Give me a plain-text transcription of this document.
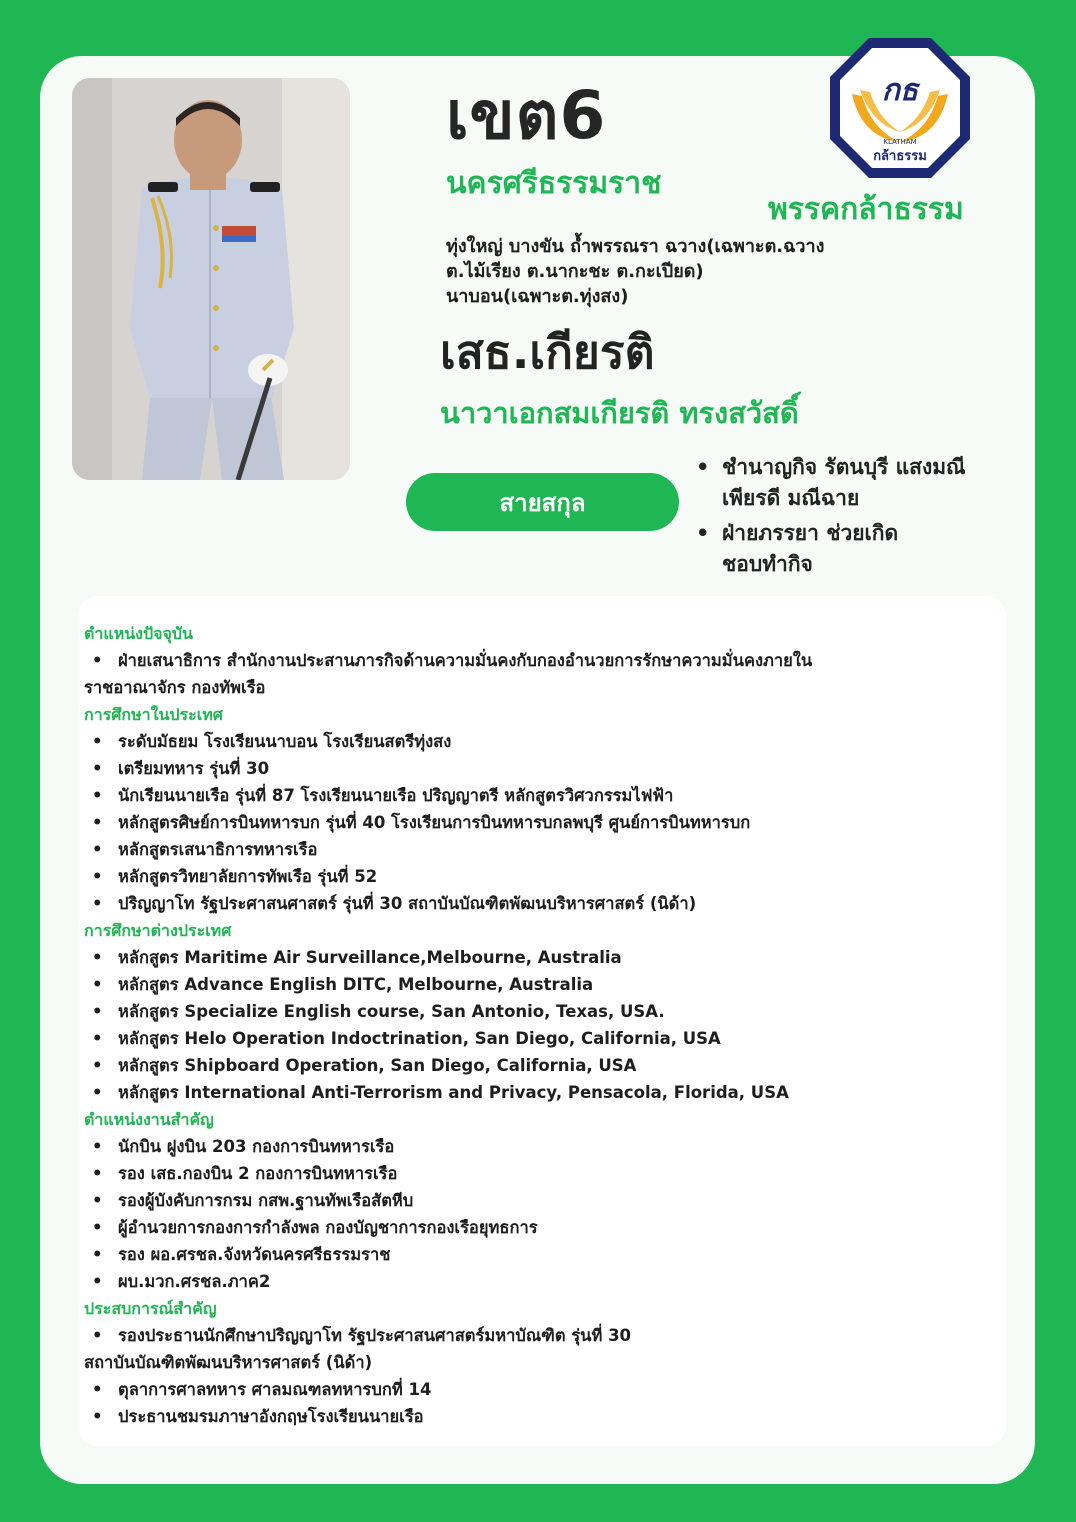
กธ
KLATHAM
กล้าธรรม
เขต6
นครศรีธรรมราช
พรรคกล้าธรรม
ทุ่งใหญ่ บางขัน ถ้ำพรรณรา ฉวาง(เฉพาะต.ฉวาง
ต.ไม้เรียง ต.นากะชะ ต.กะเปียด)
นาบอน(เฉพาะต.ทุ่งสง)
เสธ.เกียรติ
นาวาเอกสมเกียรติ ทรงสวัสดิ์
สายสกุล
• ชำนาญกิจ รัตนบุรี แสงมณี
เพียรดี มณีฉาย
• ฝ่ายภรรยา ช่วยเกิด
ชอบทำกิจ
ตำแหน่งปัจจุบัน
• ฝ่ายเสนาธิการ สำนักงานประสานภารกิจด้านความมั่นคงกับกองอำนวยการรักษาความมั่นคงภายใน
ราชอาณาจักร กองทัพเรือ
การศึกษาในประเทศ
• ระดับมัธยม โรงเรียนนาบอน โรงเรียนสตรีทุ่งสง
• เตรียมทหาร รุ่นที่ 30
• นักเรียนนายเรือ รุ่นที่ 87 โรงเรียนนายเรือ ปริญญาตรี หลักสูตรวิศวกรรมไฟฟ้า
• หลักสูตรศิษย์การบินทหารบก รุ่นที่ 40 โรงเรียนการบินทหารบกลพบุรี ศูนย์การบินทหารบก
• หลักสูตรเสนาธิการทหารเรือ
• หลักสูตรวิทยาลัยการทัพเรือ รุ่นที่ 52
• ปริญญาโท รัฐประศาสนศาสตร์ รุ่นที่ 30 สถาบันบัณฑิตพัฒนบริหารศาสตร์ (นิด้า)
การศึกษาต่างประเทศ
• หลักสูตร Maritime Air Surveillance,Melbourne, Australia
• หลักสูตร Advance English DITC, Melbourne, Australia
• หลักสูตร Specialize English course, San Antonio, Texas, USA.
• หลักสูตร Helo Operation Indoctrination, San Diego, California, USA
• หลักสูตร Shipboard Operation, San Diego, California, USA
• หลักสูตร International Anti-Terrorism and Privacy, Pensacola, Florida, USA
ตำแหน่งงานสำคัญ
• นักบิน ฝูงบิน 203 กองการบินทหารเรือ
• รอง เสธ.กองบิน 2 กองการบินทหารเรือ
• รองผู้บังคับการกรม กสพ.ฐานทัพเรือสัตหีบ
• ผู้อำนวยการกองการกำลังพล กองบัญชาการกองเรือยุทธการ
• รอง ผอ.ศรชล.จังหวัดนครศรีธรรมราช
• ผบ.มวก.ศรชล.ภาค2
ประสบการณ์สำคัญ
• รองประธานนักศึกษาปริญญาโท รัฐประศาสนศาสตร์มหาบัณฑิต รุ่นที่ 30
สถาบันบัณฑิตพัฒนบริหารศาสตร์ (นิด้า)
• ตุลาการศาลทหาร ศาลมณฑลทหารบกที่ 14
• ประธานชมรมภาษาอังกฤษโรงเรียนนายเรือ
